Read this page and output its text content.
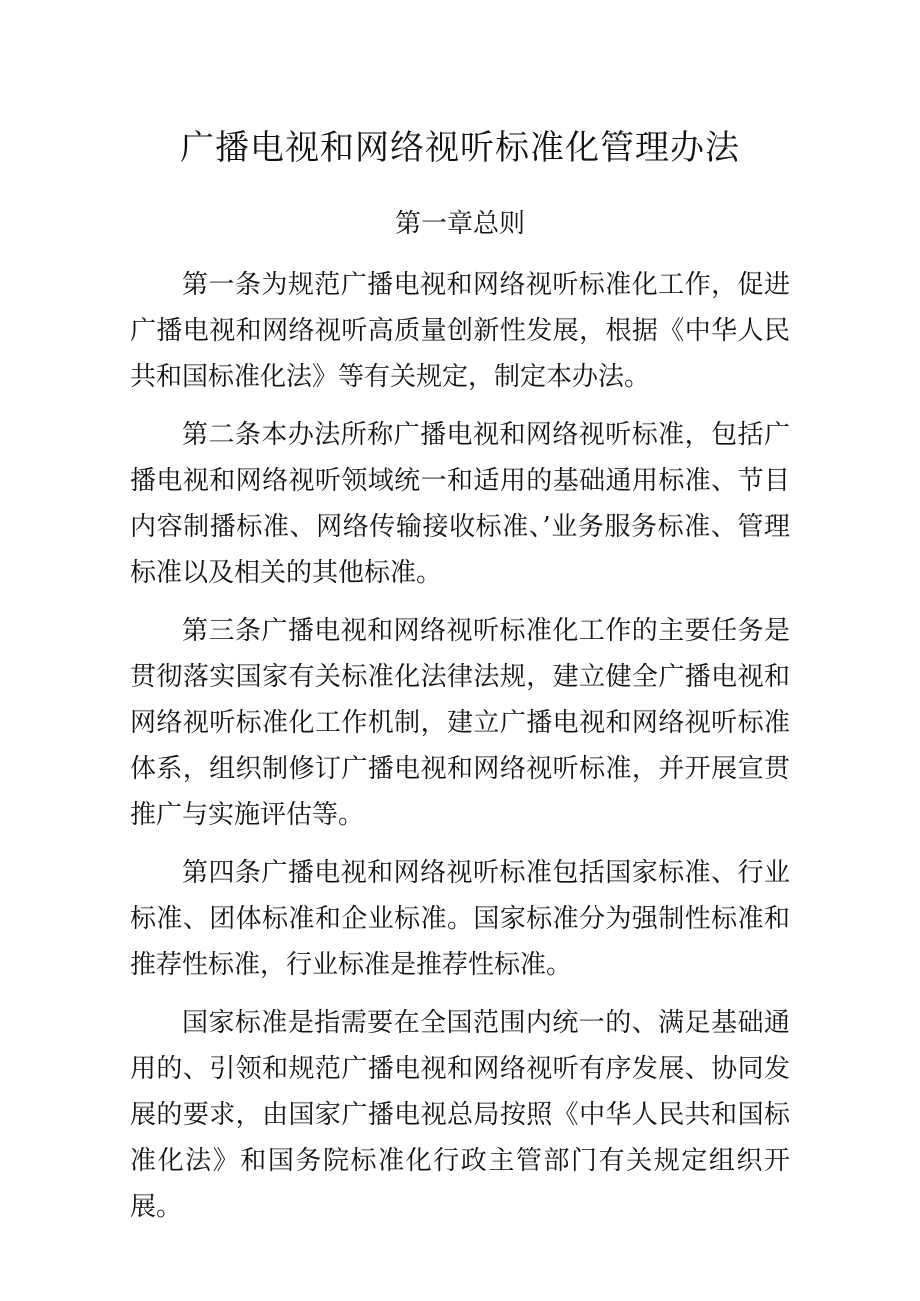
广播电视和网络视听标准化管理办法
第一章总则

第一条为规范广播电视和网络视听标准化工作，促进广播电视和网络视听高质量创新性发展，根据《中华人民共和国标准化法》等有关规定，制定本办法。

第二条本办法所称广播电视和网络视听标准，包括广播电视和网络视听领域统一和适用的基础通用标准、节目内容制播标准、网络传输接收标准、’业务服务标准、管理标准以及相关的其他标准。

第三条广播电视和网络视听标准化工作的主要任务是贯彻落实国家有关标准化法律法规，建立健全广播电视和网络视听标准化工作机制，建立广播电视和网络视听标准体系，组织制修订广播电视和网络视听标准，并开展宣贯推广与实施评估等。

第四条广播电视和网络视听标准包括国家标准、行业标准、团体标准和企业标准。国家标准分为强制性标准和推荐性标准，行业标准是推荐性标准。

国家标准是指需要在全国范围内统一的、满足基础通用的、引领和规范广播电视和网络视听有序发展、协同发展的要求，由国家广播电视总局按照《中华人民共和国标准化法》和国务院标准化行政主管部门有关规定组织开展。
